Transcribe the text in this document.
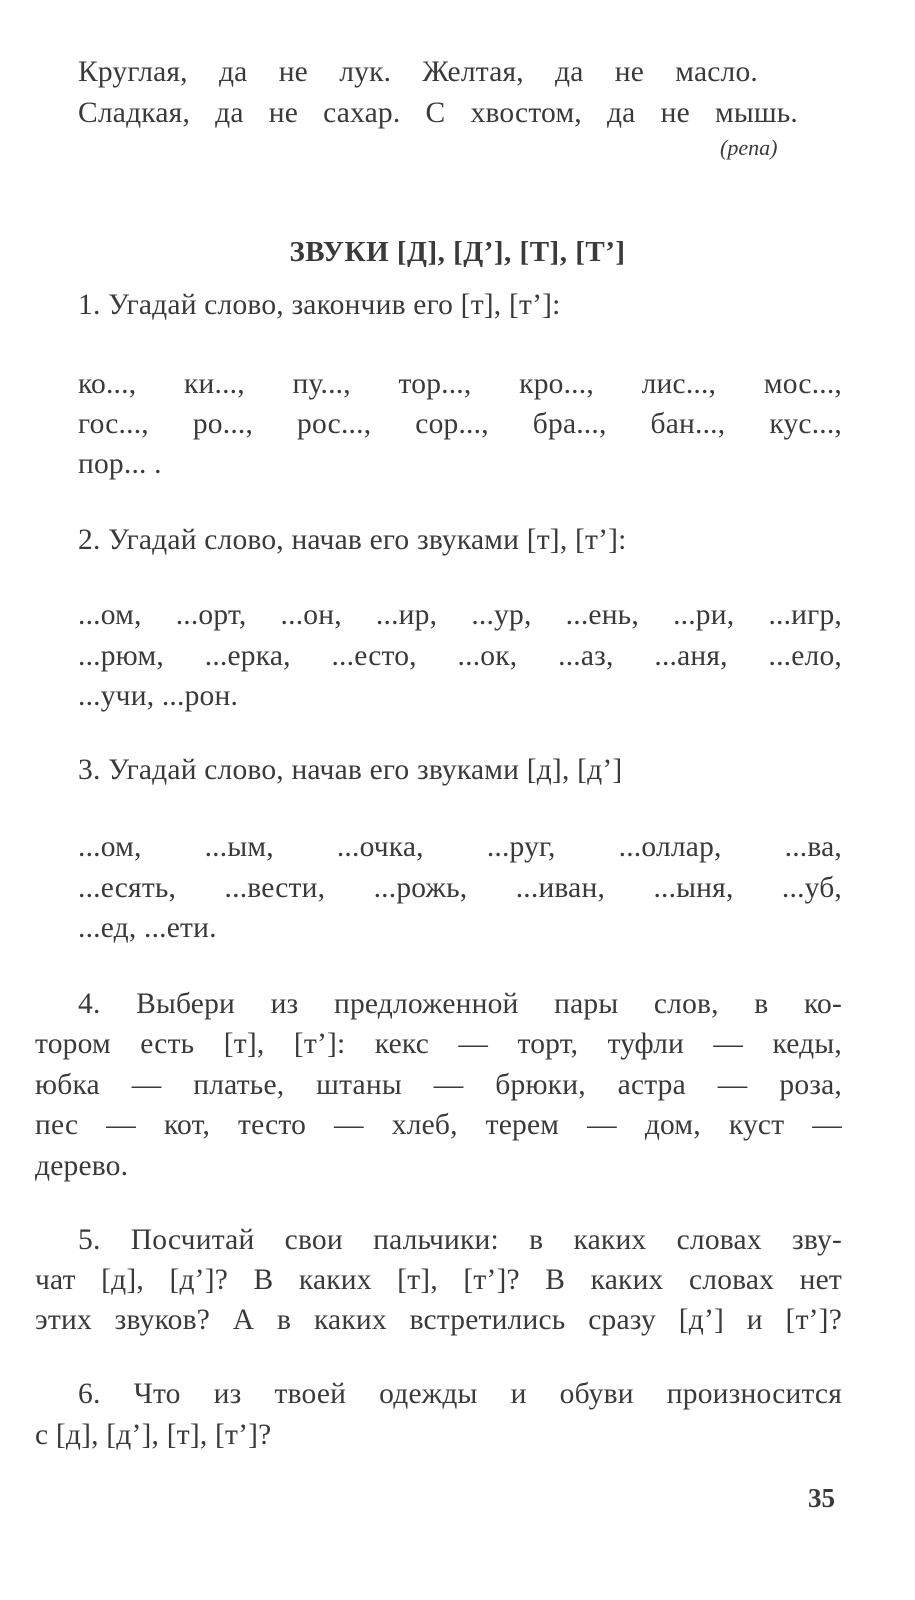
Круглая, да не лук. Желтая, да не масло.
Сладкая, да не сахар. С хвостом, да не мышь.
(репа)
ЗВУКИ [Д], [Д’], [Т], [Т’]
1. Угадай слово, закончив его [т], [т’]:
ко..., ки..., пу..., тор..., кро..., лис..., мос...,
гос..., ро..., рос..., сор..., бра..., бан..., кус...,
пор... .
2. Угадай слово, начав его звуками [т], [т’]:
...ом, ...орт, ...он, ...ир, ...ур, ...ень, ...ри, ...игр,
...рюм, ...ерка, ...есто, ...ок, ...аз, ...аня, ...ело,
...учи, ...рон.
3. Угадай слово, начав его звуками [д], [д’]
...ом, ...ым, ...очка, ...руг, ...оллар, ...ва,
...есять, ...вести, ...рожь, ...иван, ...ыня, ...уб,
...ед, ...ети.
4. Выбери из предложенной пары слов, в ко-
тором есть [т], [т’]: кекс — торт, туфли — кеды,
юбка — платье, штаны — брюки, астра — роза,
пес — кот, тесто — хлеб, терем — дом, куст —
дерево.
5. Посчитай свои пальчики: в каких словах зву-
чат [д], [д’]? В каких [т], [т’]? В каких словах нет
этих звуков? А в каких встретились сразу [д’] и [т’]?
6. Что из твоей одежды и обуви произносится
с [д], [д’], [т], [т’]?
35
